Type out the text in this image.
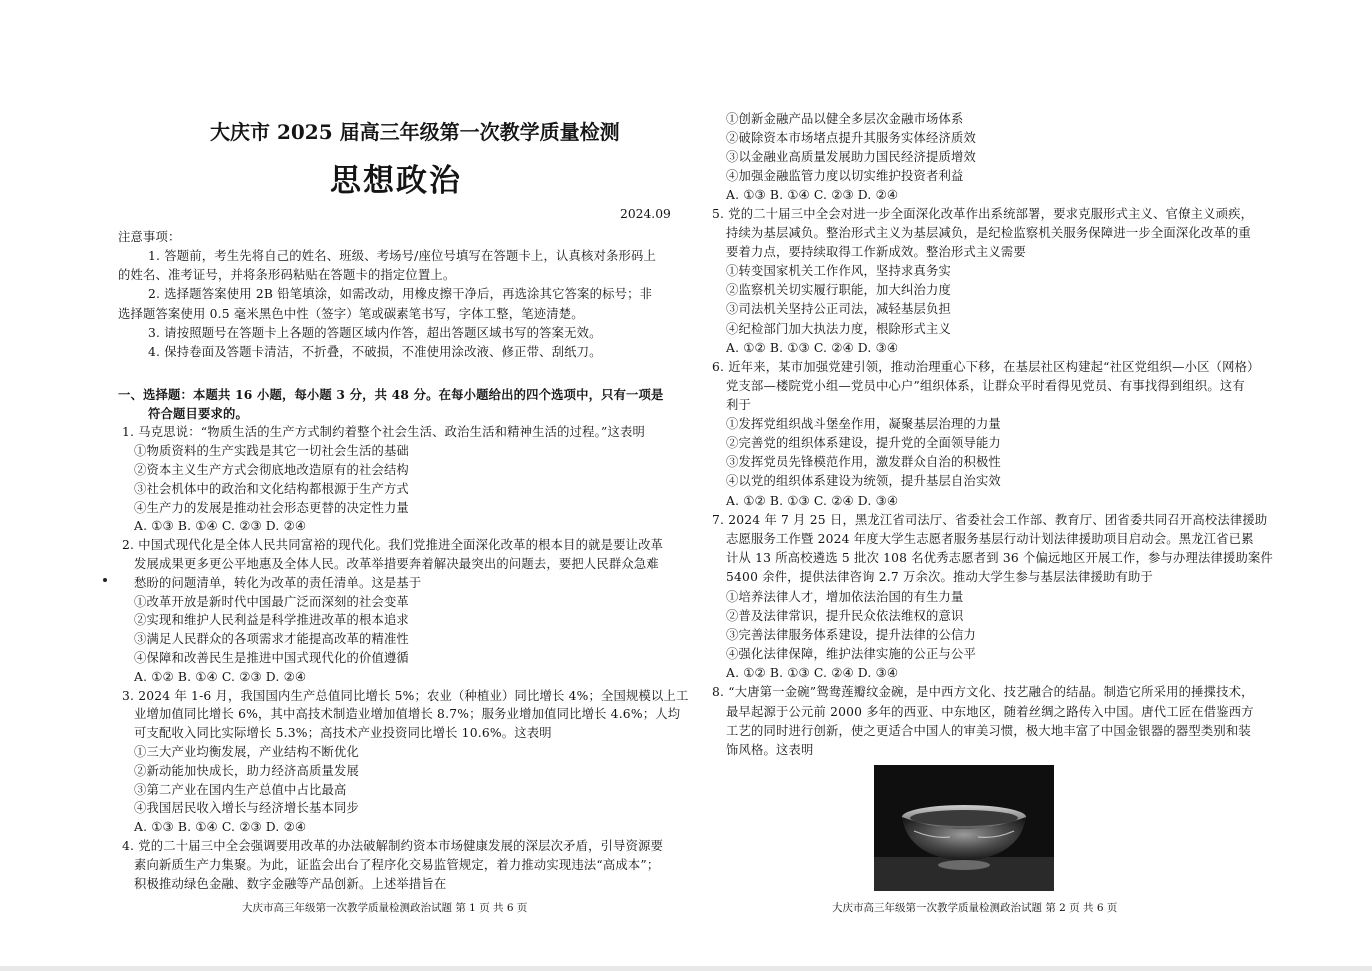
大庆市 2025 届高三年级第一次教学质量检测
思想政治
2024.09
注意事项：
1. 答题前，考生先将自己的姓名、班级、考场号/座位号填写在答题卡上，认真核对条形码上
的姓名、准考证号，并将条形码粘贴在答题卡的指定位置上。
2. 选择题答案使用 2B 铅笔填涂，如需改动，用橡皮擦干净后，再选涂其它答案的标号；非
选择题答案使用 0.5 毫米黑色中性（签字）笔或碳素笔书写，字体工整，笔迹清楚。
3. 请按照题号在答题卡上各题的答题区域内作答，超出答题区域书写的答案无效。
4. 保持卷面及答题卡清洁，不折叠，不破损，不准使用涂改液、修正带、刮纸刀。
一、选择题：本题共 16 小题，每小题 3 分，共 48 分。在每小题给出的四个选项中，只有一项是
符合题目要求的。
1. 马克思说：“物质生活的生产方式制约着整个社会生活、政治生活和精神生活的过程。”这表明
①物质资料的生产实践是其它一切社会生活的基础
②资本主义生产方式会彻底地改造原有的社会结构
③社会机体中的政治和文化结构都根源于生产方式
④生产力的发展是推动社会形态更替的决定性力量
A. ①③ B. ①④ C. ②③ D. ②④
2. 中国式现代化是全体人民共同富裕的现代化。我们党推进全面深化改革的根本目的就是要让改革
发展成果更多更公平地惠及全体人民。改革举措要奔着解决最突出的问题去，要把人民群众急难
愁盼的问题清单，转化为改革的责任清单。这是基于
①改革开放是新时代中国最广泛而深刻的社会变革
②实现和维护人民利益是科学推进改革的根本追求
③满足人民群众的各项需求才能提高改革的精准性
④保障和改善民生是推进中国式现代化的价值遵循
A. ①② B. ①④ C. ②③ D. ②④
3. 2024 年 1-6 月，我国国内生产总值同比增长 5%；农业（种植业）同比增长 4%；全国规模以上工
业增加值同比增长 6%，其中高技术制造业增加值增长 8.7%；服务业增加值同比增长 4.6%；人均
可支配收入同比实际增长 5.3%；高技术产业投资同比增长 10.6%。这表明
①三大产业均衡发展，产业结构不断优化
②新动能加快成长，助力经济高质量发展
③第二产业在国内生产总值中占比最高
④我国居民收入增长与经济增长基本同步
A. ①③ B. ①④ C. ②③ D. ②④
4. 党的二十届三中全会强调要用改革的办法破解制约资本市场健康发展的深层次矛盾，引导资源要
素向新质生产力集聚。为此，证监会出台了程序化交易监管规定，着力推动实现违法“高成本”；
积极推动绿色金融、数字金融等产品创新。上述举措旨在
大庆市高三年级第一次教学质量检测政治试题 第 1 页 共 6 页
①创新金融产品以健全多层次金融市场体系
②破除资本市场堵点提升其服务实体经济质效
③以金融业高质量发展助力国民经济提质增效
④加强金融监管力度以切实维护投资者利益
A. ①③ B. ①④ C. ②③ D. ②④
5. 党的二十届三中全会对进一步全面深化改革作出系统部署，要求克服形式主义、官僚主义顽疾，
持续为基层减负。整治形式主义为基层减负，是纪检监察机关服务保障进一步全面深化改革的重
要着力点，要持续取得工作新成效。整治形式主义需要
①转变国家机关工作作风，坚持求真务实
②监察机关切实履行职能，加大纠治力度
③司法机关坚持公正司法，减轻基层负担
④纪检部门加大执法力度，根除形式主义
A. ①② B. ①③ C. ②④ D. ③④
6. 近年来，某市加强党建引领，推动治理重心下移，在基层社区构建起“社区党组织—小区（网格）
党支部—楼院党小组—党员中心户”组织体系，让群众平时看得见党员、有事找得到组织。这有
利于
①发挥党组织战斗堡垒作用，凝聚基层治理的力量
②完善党的组织体系建设，提升党的全面领导能力
③发挥党员先锋模范作用，激发群众自治的积极性
④以党的组织体系建设为统领，提升基层自治实效
A. ①② B. ①③ C. ②④ D. ③④
7. 2024 年 7 月 25 日，黑龙江省司法厅、省委社会工作部、教育厅、团省委共同召开高校法律援助
志愿服务工作暨 2024 年度大学生志愿者服务基层行动计划法律援助项目启动会。黑龙江省已累
计从 13 所高校遴选 5 批次 108 名优秀志愿者到 36 个偏远地区开展工作，参与办理法律援助案件
5400 余件，提供法律咨询 2.7 万余次。推动大学生参与基层法律援助有助于
①培养法律人才，增加依法治国的有生力量
②普及法律常识，提升民众依法维权的意识
③完善法律服务体系建设，提升法律的公信力
④强化法律保障，维护法律实施的公正与公平
A. ①② B. ①③ C. ②④ D. ③④
8. “大唐第一金碗”鸳鸯莲瓣纹金碗，是中西方文化、技艺融合的结晶。制造它所采用的捶揲技术，
最早起源于公元前 2000 多年的西亚、中东地区，随着丝绸之路传入中国。唐代工匠在借鉴西方
工艺的同时进行创新，使之更适合中国人的审美习惯，极大地丰富了中国金银器的器型类别和装
饰风格。这表明
大庆市高三年级第一次教学质量检测政治试题 第 2 页 共 6 页
